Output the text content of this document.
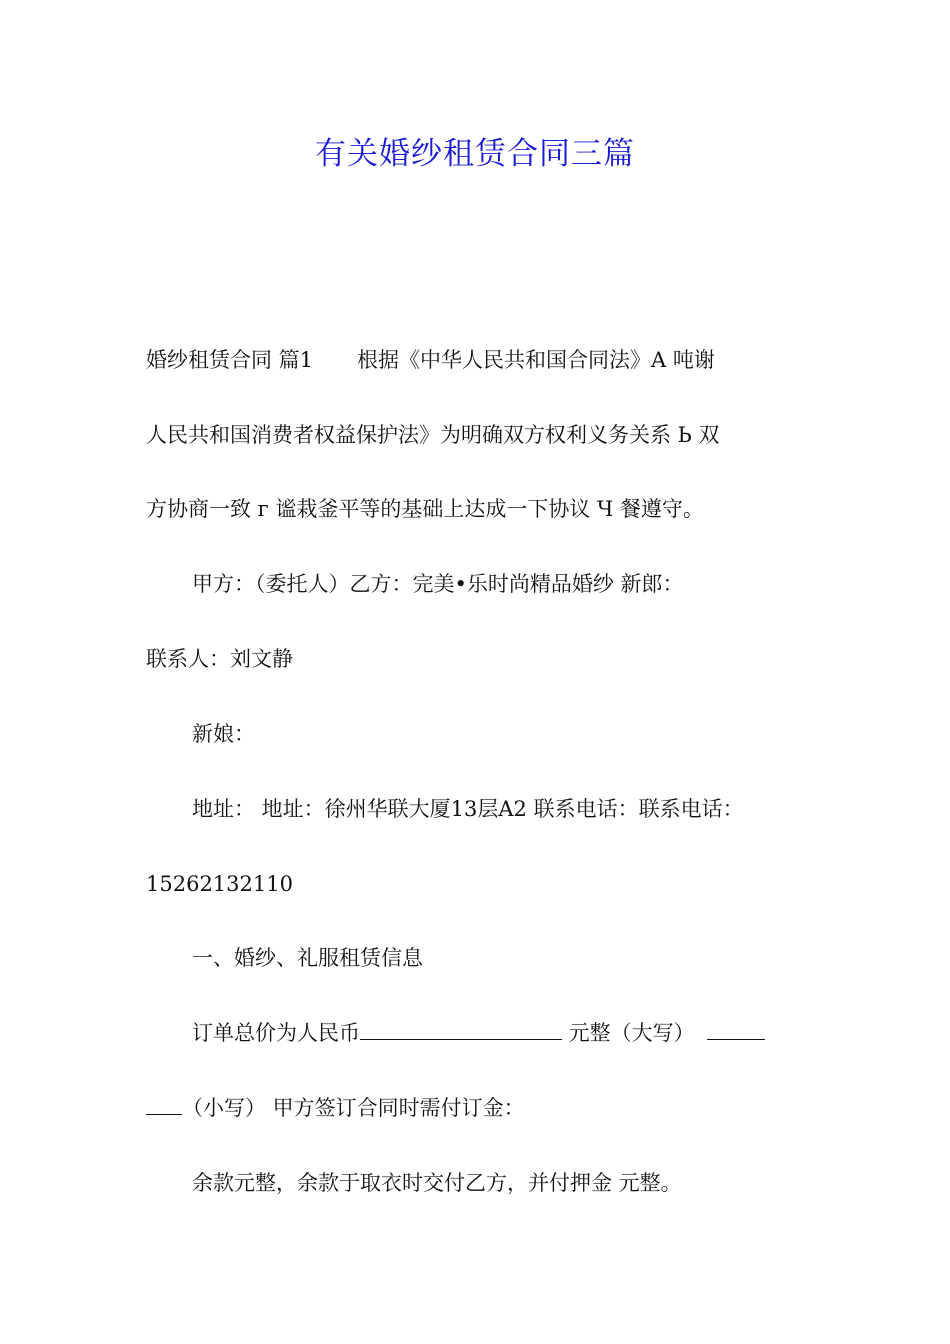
有关婚纱租赁合同三篇
婚纱租赁合同 篇1 根据《中华人民共和国合同法》A 吨谢
人民共和国消费者权益保护法》为明确双方权利义务关系 Ь 双
方协商一致 г 谧栽釜平等的基础上达成一下协议 Ч 餐遵守。
甲方：（委托人）乙方：完美•乐时尚精品婚纱 新郎：
联系人：刘文静
新娘：
地址： 地址：徐州华联大厦13层A2 联系电话：联系电话：
15262132110
一、婚纱、礼服租赁信息
订单总价为人民币	元整（大写）
（小写） 甲方签订合同时需付订金：
余款元整，余款于取衣时交付乙方，并付押金 元整。
